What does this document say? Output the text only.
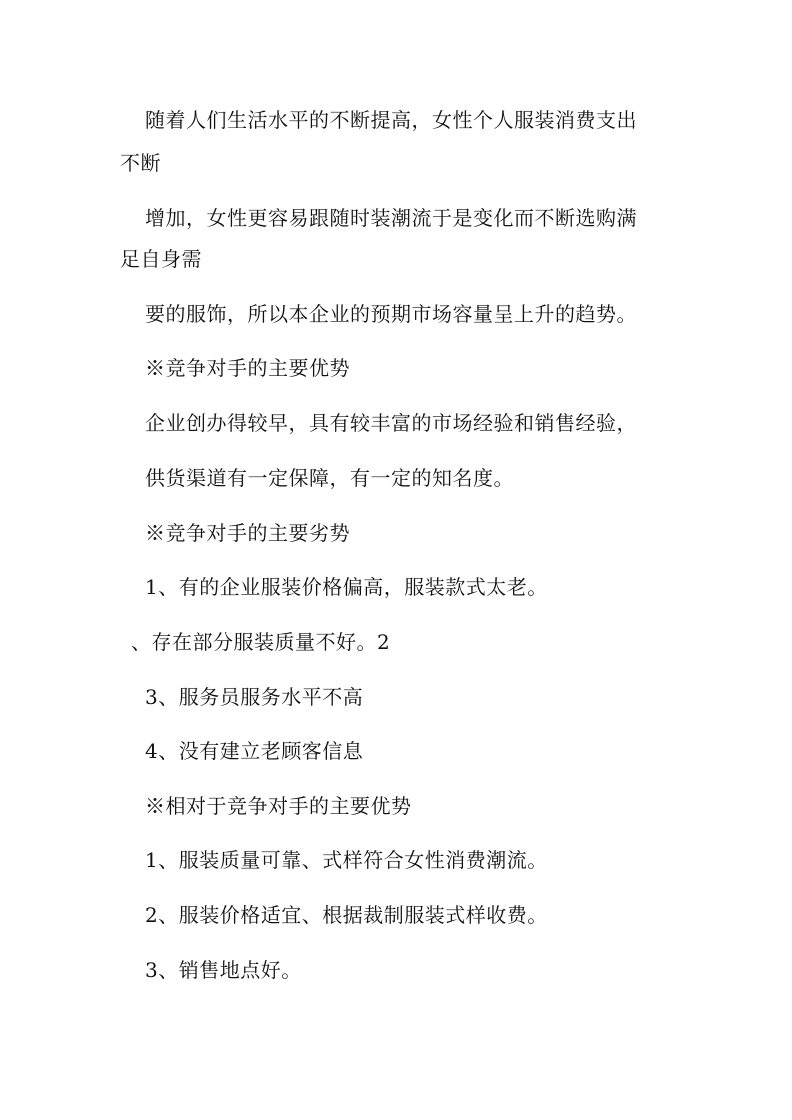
随着人们生活水平的不断提高，女性个人服装消费支出

不断

增加，女性更容易跟随时装潮流于是变化而不断选购满

足自身需

要的服饰，所以本企业的预期市场容量呈上升的趋势。

※竞争对手的主要优势

企业创办得较早，具有较丰富的市场经验和销售经验，

供货渠道有一定保障，有一定的知名度。

※竞争对手的主要劣势

1、有的企业服装价格偏高，服装款式太老。

、存在部分服装质量不好。2

3、服务员服务水平不高

4、没有建立老顾客信息

※相对于竞争对手的主要优势

1、服装质量可靠、式样符合女性消费潮流。

2、服装价格适宜、根据裁制服装式样收费。

3、销售地点好。
